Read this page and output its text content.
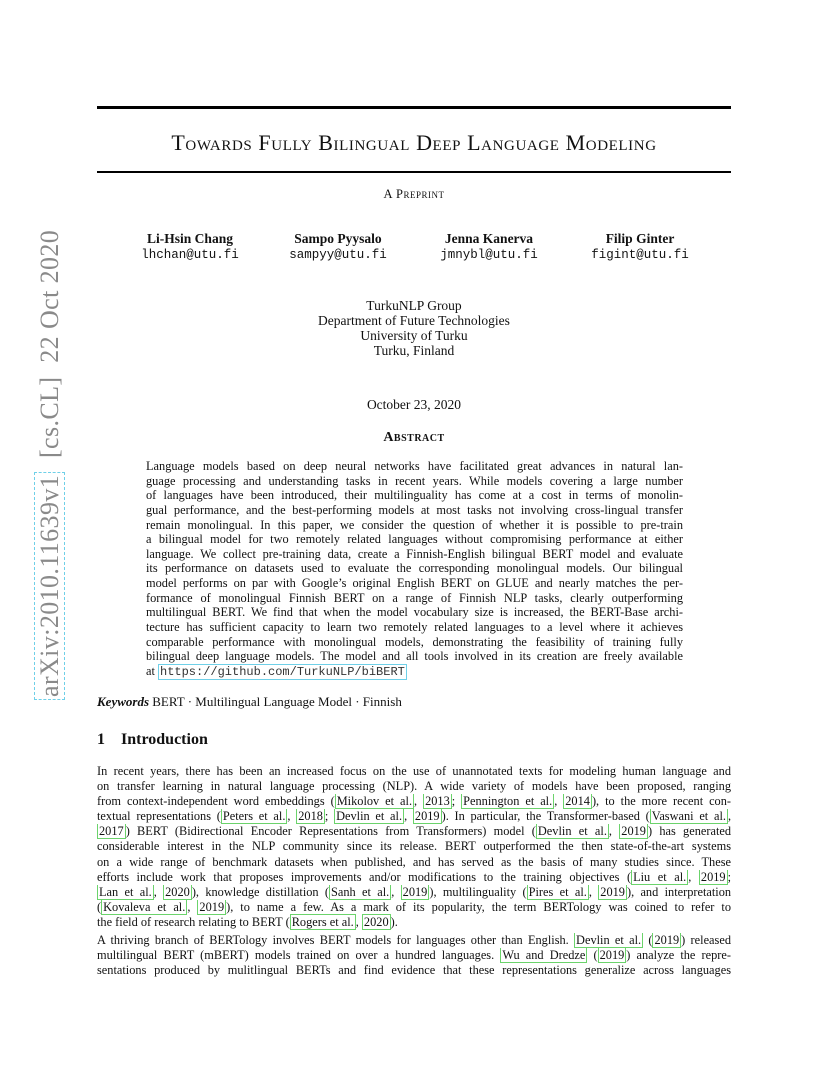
Towards Fully Bilingual Deep Language Modeling
A Preprint
Li-Hsin Chang
lhchan@utu.fi
Sampo Pyysalo
sampyy@utu.fi
Jenna Kanerva
jmnybl@utu.fi
Filip Ginter
figint@utu.fi
TurkuNLP Group
Department of Future Technologies
University of Turku
Turku, Finland
October 23, 2020
Abstract
Language models based on deep neural networks have facilitated great advances in natural lan-
guage processing and understanding tasks in recent years. While models covering a large number
of languages have been introduced, their multilinguality has come at a cost in terms of monolin-
gual performance, and the best-performing models at most tasks not involving cross-lingual transfer
remain monolingual. In this paper, we consider the question of whether it is possible to pre-train
a bilingual model for two remotely related languages without compromising performance at either
language. We collect pre-training data, create a Finnish-English bilingual BERT model and evaluate
its performance on datasets used to evaluate the corresponding monolingual models. Our bilingual
model performs on par with Google’s original English BERT on GLUE and nearly matches the per-
formance of monolingual Finnish BERT on a range of Finnish NLP tasks, clearly outperforming
multilingual BERT. We find that when the model vocabulary size is increased, the BERT-Base archi-
tecture has sufficient capacity to learn two remotely related languages to a level where it achieves
comparable performance with monolingual models, demonstrating the feasibility of training fully
bilingual deep language models. The model and all tools involved in its creation are freely available
at https://github.com/TurkuNLP/biBERT
Keywords BERT · Multilingual Language Model · Finnish
1 Introduction
In recent years, there has been an increased focus on the use of unannotated texts for modeling human language and
on transfer learning in natural language processing (NLP). A wide variety of models have been proposed, ranging
from context-independent word embeddings ( Mikolov et al. , 2013 ; Pennington et al. , 2014 ), to the more recent con-
textual representations ( Peters et al. , 2018 ; Devlin et al. , 2019 ). In particular, the Transformer-based ( Vaswani et al. ,
2017 ) BERT (Bidirectional Encoder Representations from Transformers) model ( Devlin et al. , 2019 ) has generated
considerable interest in the NLP community since its release. BERT outperformed the then state-of-the-art systems
on a wide range of benchmark datasets when published, and has served as the basis of many studies since. These
efforts include work that proposes improvements and/or modifications to the training objectives ( Liu et al. , 2019 ;
Lan et al. , 2020 ), knowledge distillation ( Sanh et al. , 2019 ), multilinguality ( Pires et al. , 2019 ), and interpretation
( Kovaleva et al. , 2019 ), to name a few. As a mark of its popularity, the term BERTology was coined to refer to
the field of research relating to BERT ( Rogers et al. , 2020 ).
A thriving branch of BERTology involves BERT models for languages other than English. Devlin et al. ( 2019 ) released
multilingual BERT (mBERT) models trained on over a hundred languages. Wu and Dredze ( 2019 ) analyze the repre-
sentations produced by mulitlingual BERTs and find evidence that these representations generalize across languages
arXiv:2010.11639v1  [cs.CL]  22 Oct 2020
